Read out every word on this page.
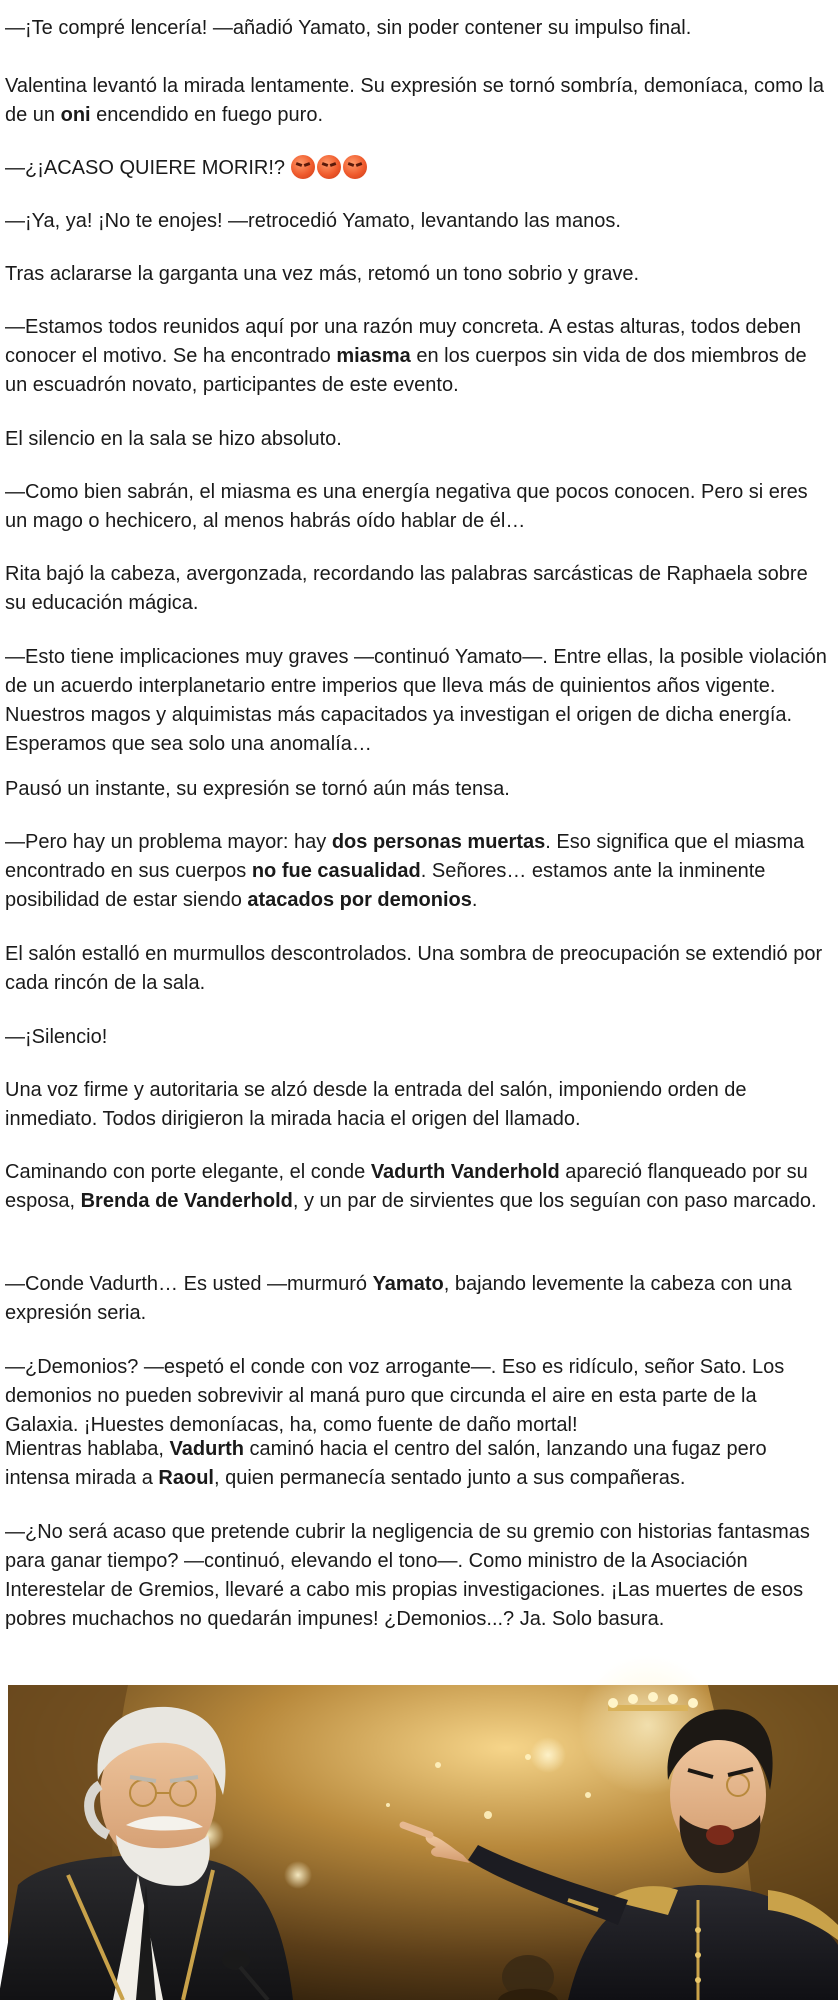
—¡Te compré lencería! —añadió Yamato, sin poder contener su impulso final.

Valentina levantó la mirada lentamente. Su expresión se tornó sombría, demoníaca, como la de un oni encendido en fuego puro.

—¿¡ACASO QUIERE MORIR!?

—¡Ya, ya! ¡No te enojes! —retrocedió Yamato, levantando las manos.

Tras aclararse la garganta una vez más, retomó un tono sobrio y grave.

—Estamos todos reunidos aquí por una razón muy concreta. A estas alturas, todos deben conocer el motivo. Se ha encontrado miasma en los cuerpos sin vida de dos miembros de un escuadrón novato, participantes de este evento.

El silencio en la sala se hizo absoluto.

—Como bien sabrán, el miasma es una energía negativa que pocos conocen. Pero si eres un mago o hechicero, al menos habrás oído hablar de él…

Rita bajó la cabeza, avergonzada, recordando las palabras sarcásticas de Raphaela sobre su educación mágica.

—Esto tiene implicaciones muy graves —continuó Yamato—. Entre ellas, la posible violación de un acuerdo interplanetario entre imperios que lleva más de quinientos años vigente. Nuestros magos y alquimistas más capacitados ya investigan el origen de dicha energía. Esperamos que sea solo una anomalía…

Pausó un instante, su expresión se tornó aún más tensa.

—Pero hay un problema mayor: hay dos personas muertas. Eso significa que el miasma encontrado en sus cuerpos no fue casualidad. Señores… estamos ante la inminente posibilidad de estar siendo atacados por demonios.

El salón estalló en murmullos descontrolados. Una sombra de preocupación se extendió por cada rincón de la sala.

—¡Silencio!

Una voz firme y autoritaria se alzó desde la entrada del salón, imponiendo orden de inmediato. Todos dirigieron la mirada hacia el origen del llamado.

Caminando con porte elegante, el conde Vadurth Vanderhold apareció flanqueado por su esposa, Brenda de Vanderhold, y un par de sirvientes que los seguían con paso marcado.

—Conde Vadurth… Es usted —murmuró Yamato, bajando levemente la cabeza con una expresión seria.

—¿Demonios? —espetó el conde con voz arrogante—. Eso es ridículo, señor Sato. Los demonios no pueden sobrevivir al maná puro que circunda el aire en esta parte de la Galaxia. ¡Huestes demoníacas, ha, como fuente de daño mortal!

Mientras hablaba, Vadurth caminó hacia el centro del salón, lanzando una fugaz pero intensa mirada a Raoul, quien permanecía sentado junto a sus compañeras.

—¿No será acaso que pretende cubrir la negligencia de su gremio con historias fantasmas para ganar tiempo? —continuó, elevando el tono—. Como ministro de la Asociación Interestelar de Gremios, llevaré a cabo mis propias investigaciones. ¡Las muertes de esos pobres muchachos no quedarán impunes! ¿Demonios...? Ja. Solo basura.
